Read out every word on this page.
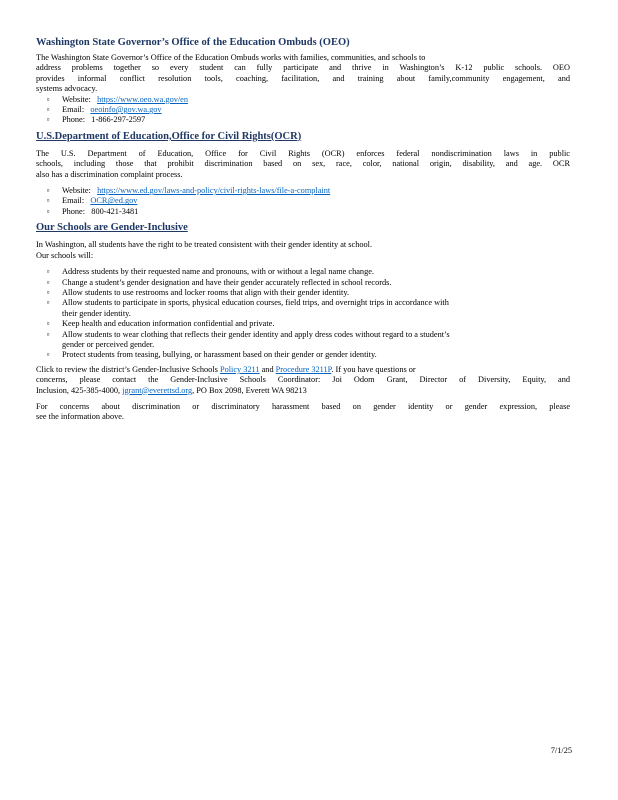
Washington State Governor’s Office of the Education Ombuds (OEO)

The Washington State Governor’s Office of the Education Ombuds works with families, communities, and schools to

address problems together so every student can fully participate and thrive in Washington’s K-12 public schools. OEO

provides informal conflict resolution tools, coaching, facilitation, and training about family,community engagement, and

systems advocacy.

▫	Website: https://www.oeo.wa.gov/en
▫	Email: oeoinfo@gov.wa.gov
▫	Phone: 1-866-297-2597
U.S.Department of Education,Office for Civil Rights(OCR)

The U.S. Department of Education, Office for Civil Rights (OCR) enforces federal nondiscrimination laws in public

schools, including those that prohibit discrimination based on sex, race, color, national origin, disability, and age. OCR

also has a discrimination complaint process.

▫	Website: https://www.ed.gov/laws-and-policy/civil-rights-laws/file-a-complaint
▫	Email: OCR@ed.gov
▫	Phone: 800-421-3481
Our Schools are Gender-Inclusive

In Washington, all students have the right to be treated consistent with their gender identity at school.

Our schools will:

▫	Address students by their requested name and pronouns, with or without a legal name change.
▫	Change a student’s gender designation and have their gender accurately reflected in school records.
▫	Allow students to use restrooms and locker rooms that align with their gender identity.
▫	Allow students to participate in sports, physical education courses, field trips, and overnight trips in accordance with
their gender identity.
▫	Keep health and education information confidential and private.
▫	Allow students to wear clothing that reflects their gender identity and apply dress codes without regard to a student’s
gender or perceived gender.
▫	Protect students from teasing, bullying, or harassment based on their gender or gender identity.

Click to review the district’s Gender-Inclusive Schools Policy 3211 and Procedure 3211P. If you have questions or

concerns, please contact the Gender-Inclusive Schools Coordinator: Joi Odom Grant, Director of Diversity, Equity, and

Inclusion, 425-385-4000, jgrant@everettsd.org, PO Box 2098, Everett WA 98213

For concerns about discrimination or discriminatory harassment based on gender identity or gender expression, please

see the information above.

7/1/25
